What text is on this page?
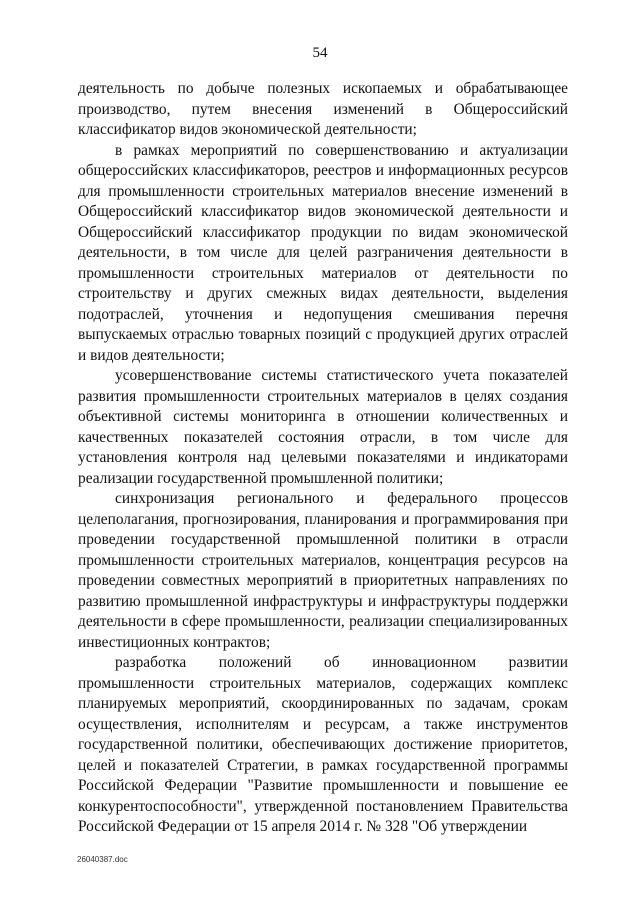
54

деятельность по добыче полезных ископаемых и обрабатывающее производство, путем внесения изменений в Общероссийский классификатор видов экономической деятельности;

в рамках мероприятий по совершенствованию и актуализации общероссийских классификаторов, реестров и информационных ресурсов для промышленности строительных материалов внесение изменений в Общероссийский классификатор видов экономической деятельности и Общероссийский классификатор продукции по видам экономической деятельности, в том числе для целей разграничения деятельности в промышленности строительных материалов от деятельности по строительству и других смежных видах деятельности, выделения подотраслей, уточнения и недопущения смешивания перечня выпускаемых отраслью товарных позиций с продукцией других отраслей и видов деятельности;

усовершенствование системы статистического учета показателей развития промышленности строительных материалов в целях создания объективной системы мониторинга в отношении количественных и качественных показателей состояния отрасли, в том числе для установления контроля над целевыми показателями и индикаторами реализации государственной промышленной политики;

синхронизация регионального и федерального процессов целеполагания, прогнозирования, планирования и программирования при проведении государственной промышленной политики в отрасли промышленности строительных материалов, концентрация ресурсов на проведении совместных мероприятий в приоритетных направлениях по развитию промышленной инфраструктуры и инфраструктуры поддержки деятельности в сфере промышленности, реализации специализированных инвестиционных контрактов;

разработка положений об инновационном развитии промышленности строительных материалов, содержащих комплекс планируемых мероприятий, скоординированных по задачам, срокам осуществления, исполнителям и ресурсам, а также инструментов государственной политики, обеспечивающих достижение приоритетов, целей и показателей Стратегии, в рамках государственной программы Российской Федерации "Развитие промышленности и повышение ее конкурентоспособности", утвержденной постановлением Правительства Российской Федерации от 15 апреля 2014 г. № 328 "Об утверждении

26040387.doc
